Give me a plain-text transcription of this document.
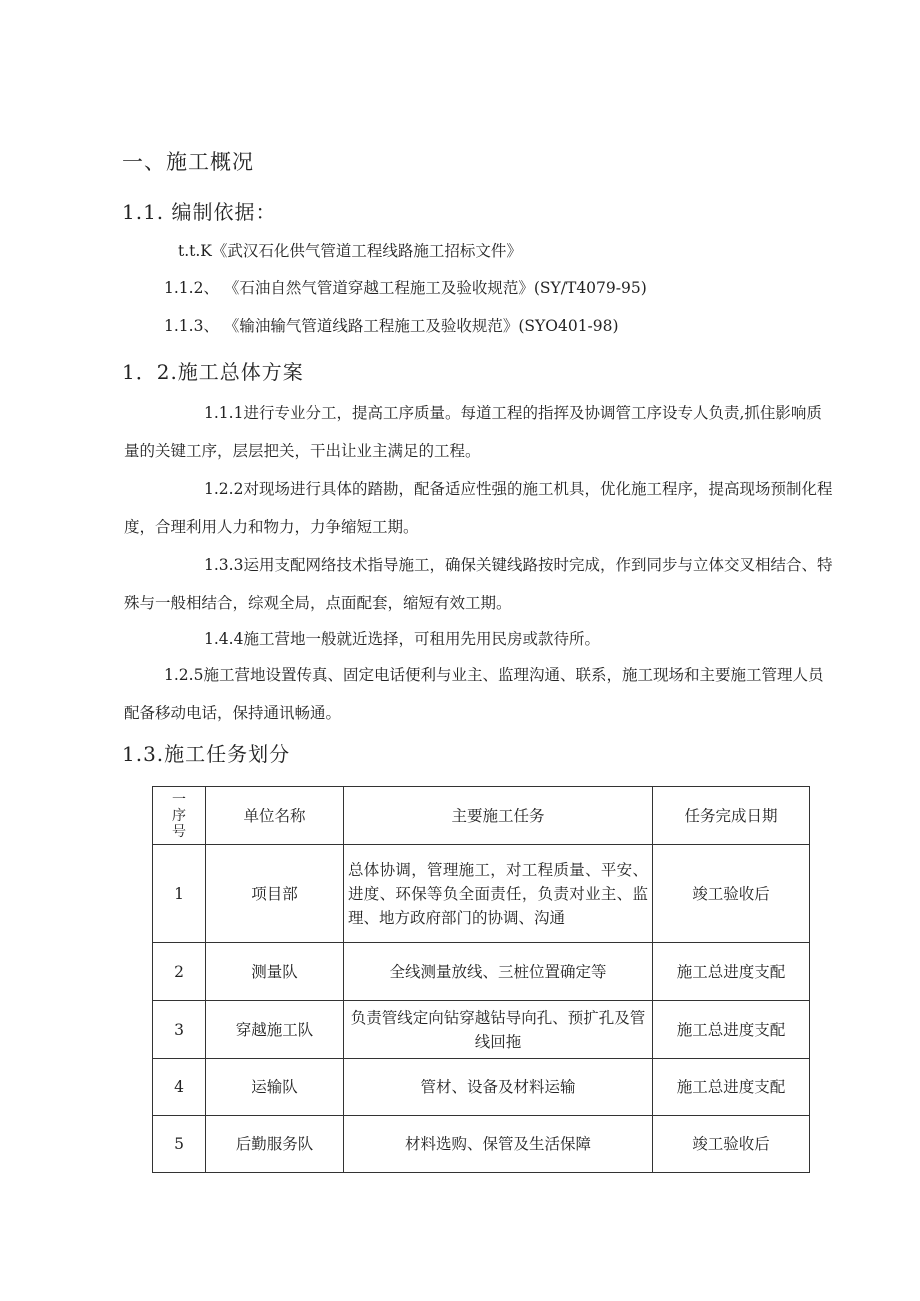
一、施工概况
1.1. 编制依据：
t.t.K《武汉石化供气管道工程线路施工招标文件》
1.1.2、 《石油自然气管道穿越工程施工及验收规范》(SY/T4079-95)
1.1.3、 《输油输气管道线路工程施工及验收规范》(SYO401-98)
1．2.施工总体方案
1.1.1进行专业分工，提高工序质量。每道工程的指挥及协调管工序设专人负责,抓住影响质量的关键工序，层层把关，干出让业主满足的工程。
1.2.2对现场进行具体的踏勘，配备适应性强的施工机具，优化施工程序，提高现场预制化程度，合理利用人力和物力，力争缩短工期。
1.3.3运用支配网络技术指导施工，确保关键线路按时完成，作到同步与立体交叉相结合、特殊与一般相结合，综观全局，点面配套，缩短有效工期。
1.4.4施工营地一般就近选择，可租用先用民房或款待所。
1.2.5施工营地设置传真、固定电话便利与业主、监理沟通、联系，施工现场和主要施工管理人员配备移动电话，保持通讯畅通。
1.3.施工任务划分
一
序
号	单位名称	主要施工任务	任务完成日期
1	项目部	总体协调，管理施工，对工程质量、平安、进度、环保等负全面责任，负责对业主、监理、地方政府部门的协调、沟通	竣工验收后
2	测量队	全线测量放线、三桩位置确定等	施工总进度支配
3	穿越施工队	负责管线定向钻穿越钻导向孔、预扩孔及管线回拖	施工总进度支配
4	运输队	管材、设备及材料运输	施工总进度支配
5	后勤服务队	材料选购、保管及生活保障	竣工验收后
